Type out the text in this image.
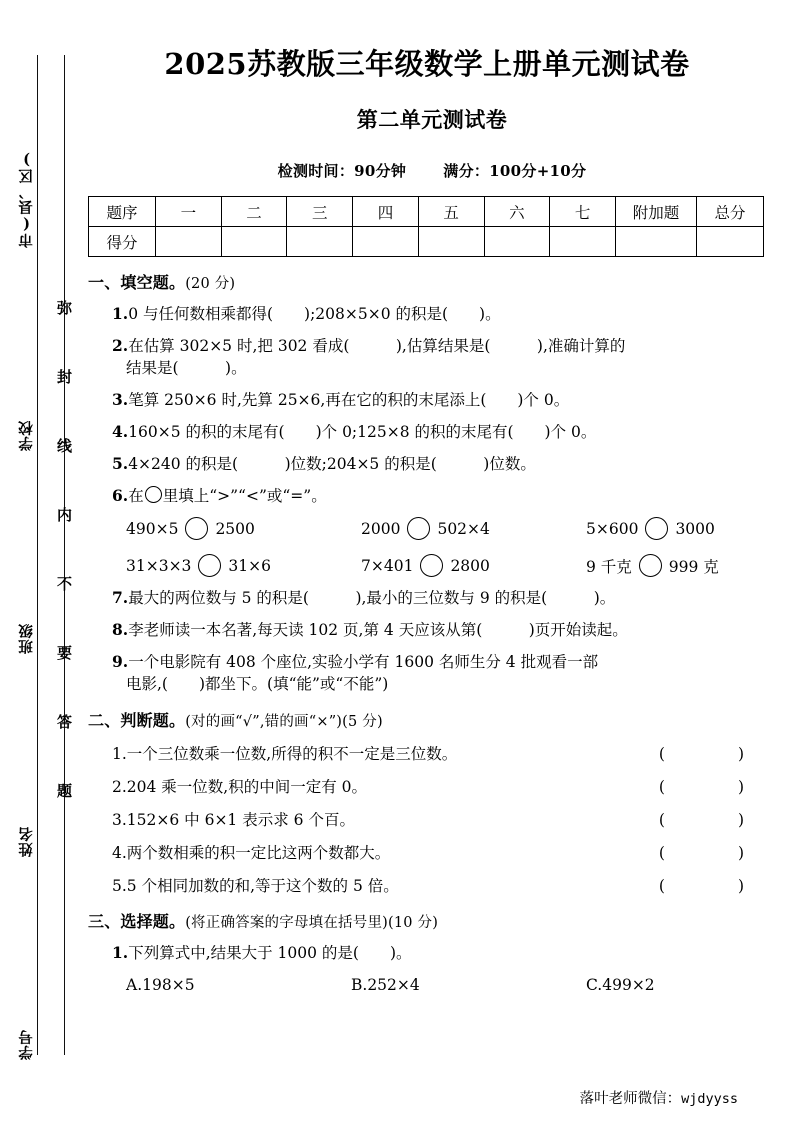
学号
姓名
班级
学校
市(县、区)
弥
封
线
内
不
要
答
题
2025苏教版三年级数学上册单元测试卷
第二单元测试卷
检测时间：90分钟 满分：100分+10分
题序	一	二	三	四	五	六	七	附加题	总分
得分									
一、填空题。(20 分)
1.0 与任何数相乘都得(　　);208×5×0 的积是(　　)。
2.在估算 302×5 时,把 302 看成(　　　),估算结果是(　　　),准确计算的
结果是(　　　)。
3.笔算 250×6 时,先算 25×6,再在它的积的末尾添上(　　)个 0。
4.160×5 的积的末尾有(　　)个 0;125×8 的积的末尾有(　　)个 0。
5.4×240 的积是(　　　)位数;204×5 的积是(　　　)位数。
6.在 里填上“>”“<”或“=”。
490×5 2500	2000 502×4	5×600 3000
31×3×3 31×6	7×401 2800	9 千克 999 克
7.最大的两位数与 5 的积是(　　　),最小的三位数与 9 的积是(　　　)。
8.李老师读一本名著,每天读 102 页,第 4 天应该从第(　　　)页开始读起。
9.一个电影院有 408 个座位,实验小学有 1600 名师生分 4 批观看一部
电影,(　　)都坐下。(填“能”或“不能”)
二、判断题。(对的画“√”,错的画“×”)(5 分)
1.一个三位数乘一位数,所得的积不一定是三位数。	(　　)
2.204 乘一位数,积的中间一定有 0。	(　　)
3.152×6 中 6×1 表示求 6 个百。	(　　)
4.两个数相乘的积一定比这两个数都大。	(　　)
5.5 个相同加数的和,等于这个数的 5 倍。	(　　)
三、选择题。(将正确答案的字母填在括号里)(10 分)
1.下列算式中,结果大于 1000 的是(　　)。
A.198×5	B.252×4	C.499×2
落叶老师微信：wjdyyss
